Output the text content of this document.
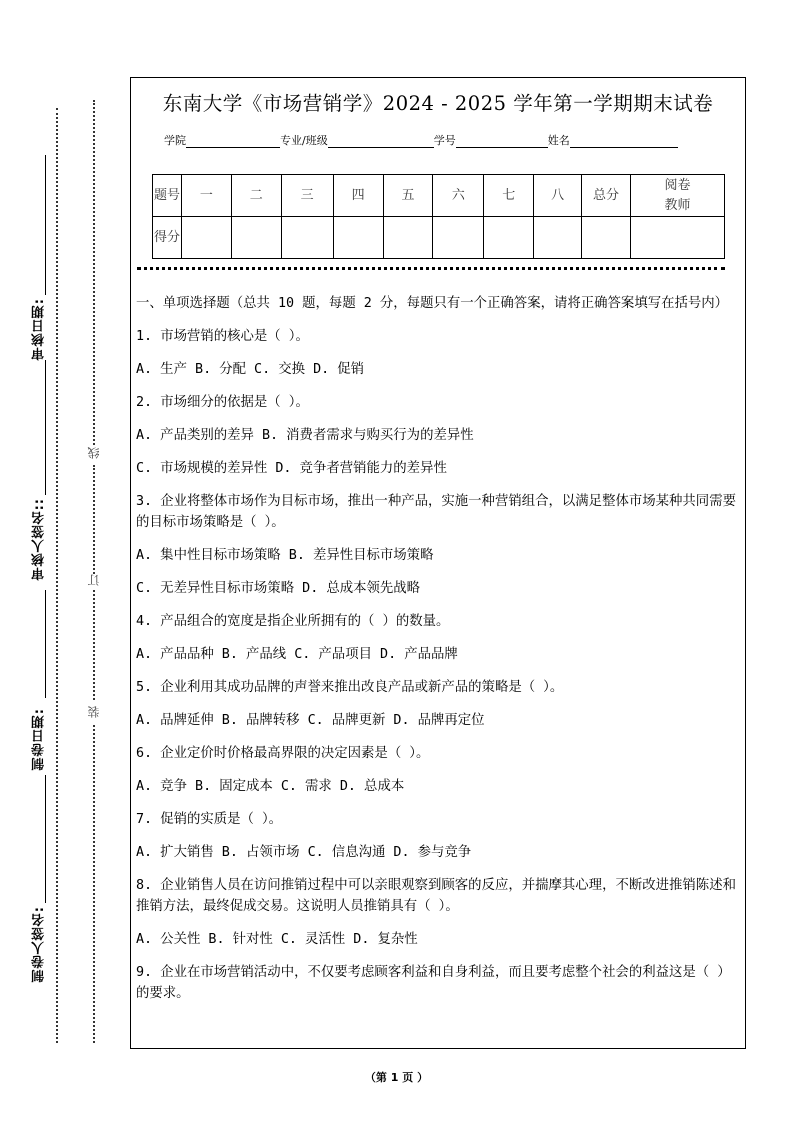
线
订
装
审核日期:
审核人签名::
制卷日期:
制卷人签名:
东南大学《市场营销学》2024 - 2025 学年第一学期期末试卷
学院	专业/班级	学号	姓名
题号	一	二	三	四	五	六	七	八	总分	阅卷教师
得分										

一、单项选择题（总共 10 题，每题 2 分，每题只有一个正确答案，请将正确答案填写在括号内）

1. 市场营销的核心是（ ）。

A. 生产 B. 分配 C. 交换 D. 促销

2. 市场细分的依据是（ ）。

A. 产品类别的差异 B. 消费者需求与购买行为的差异性

C. 市场规模的差异性 D. 竞争者营销能力的差异性

3. 企业将整体市场作为目标市场，推出一种产品，实施一种营销组合，以满足整体市场某种共同需要的目标市场策略是（ ）。

A. 集中性目标市场策略 B. 差异性目标市场策略

C. 无差异性目标市场策略 D. 总成本领先战略

4. 产品组合的宽度是指企业所拥有的（ ）的数量。

A. 产品品种 B. 产品线 C. 产品项目 D. 产品品牌

5. 企业利用其成功品牌的声誉来推出改良产品或新产品的策略是（ ）。

A. 品牌延伸 B. 品牌转移 C. 品牌更新 D. 品牌再定位

6. 企业定价时价格最高界限的决定因素是（ ）。

A. 竞争 B. 固定成本 C. 需求 D. 总成本

7. 促销的实质是（ ）。

A. 扩大销售 B. 占领市场 C. 信息沟通 D. 参与竞争

8. 企业销售人员在访问推销过程中可以亲眼观察到顾客的反应，并揣摩其心理，不断改进推销陈述和推销方法，最终促成交易。这说明人员推销具有（ ）。

A. 公关性 B. 针对性 C. 灵活性 D. 复杂性

9. 企业在市场营销活动中，不仅要考虑顾客利益和自身利益，而且要考虑整个社会的利益这是（ ）的要求。

（第 1 页 ）
